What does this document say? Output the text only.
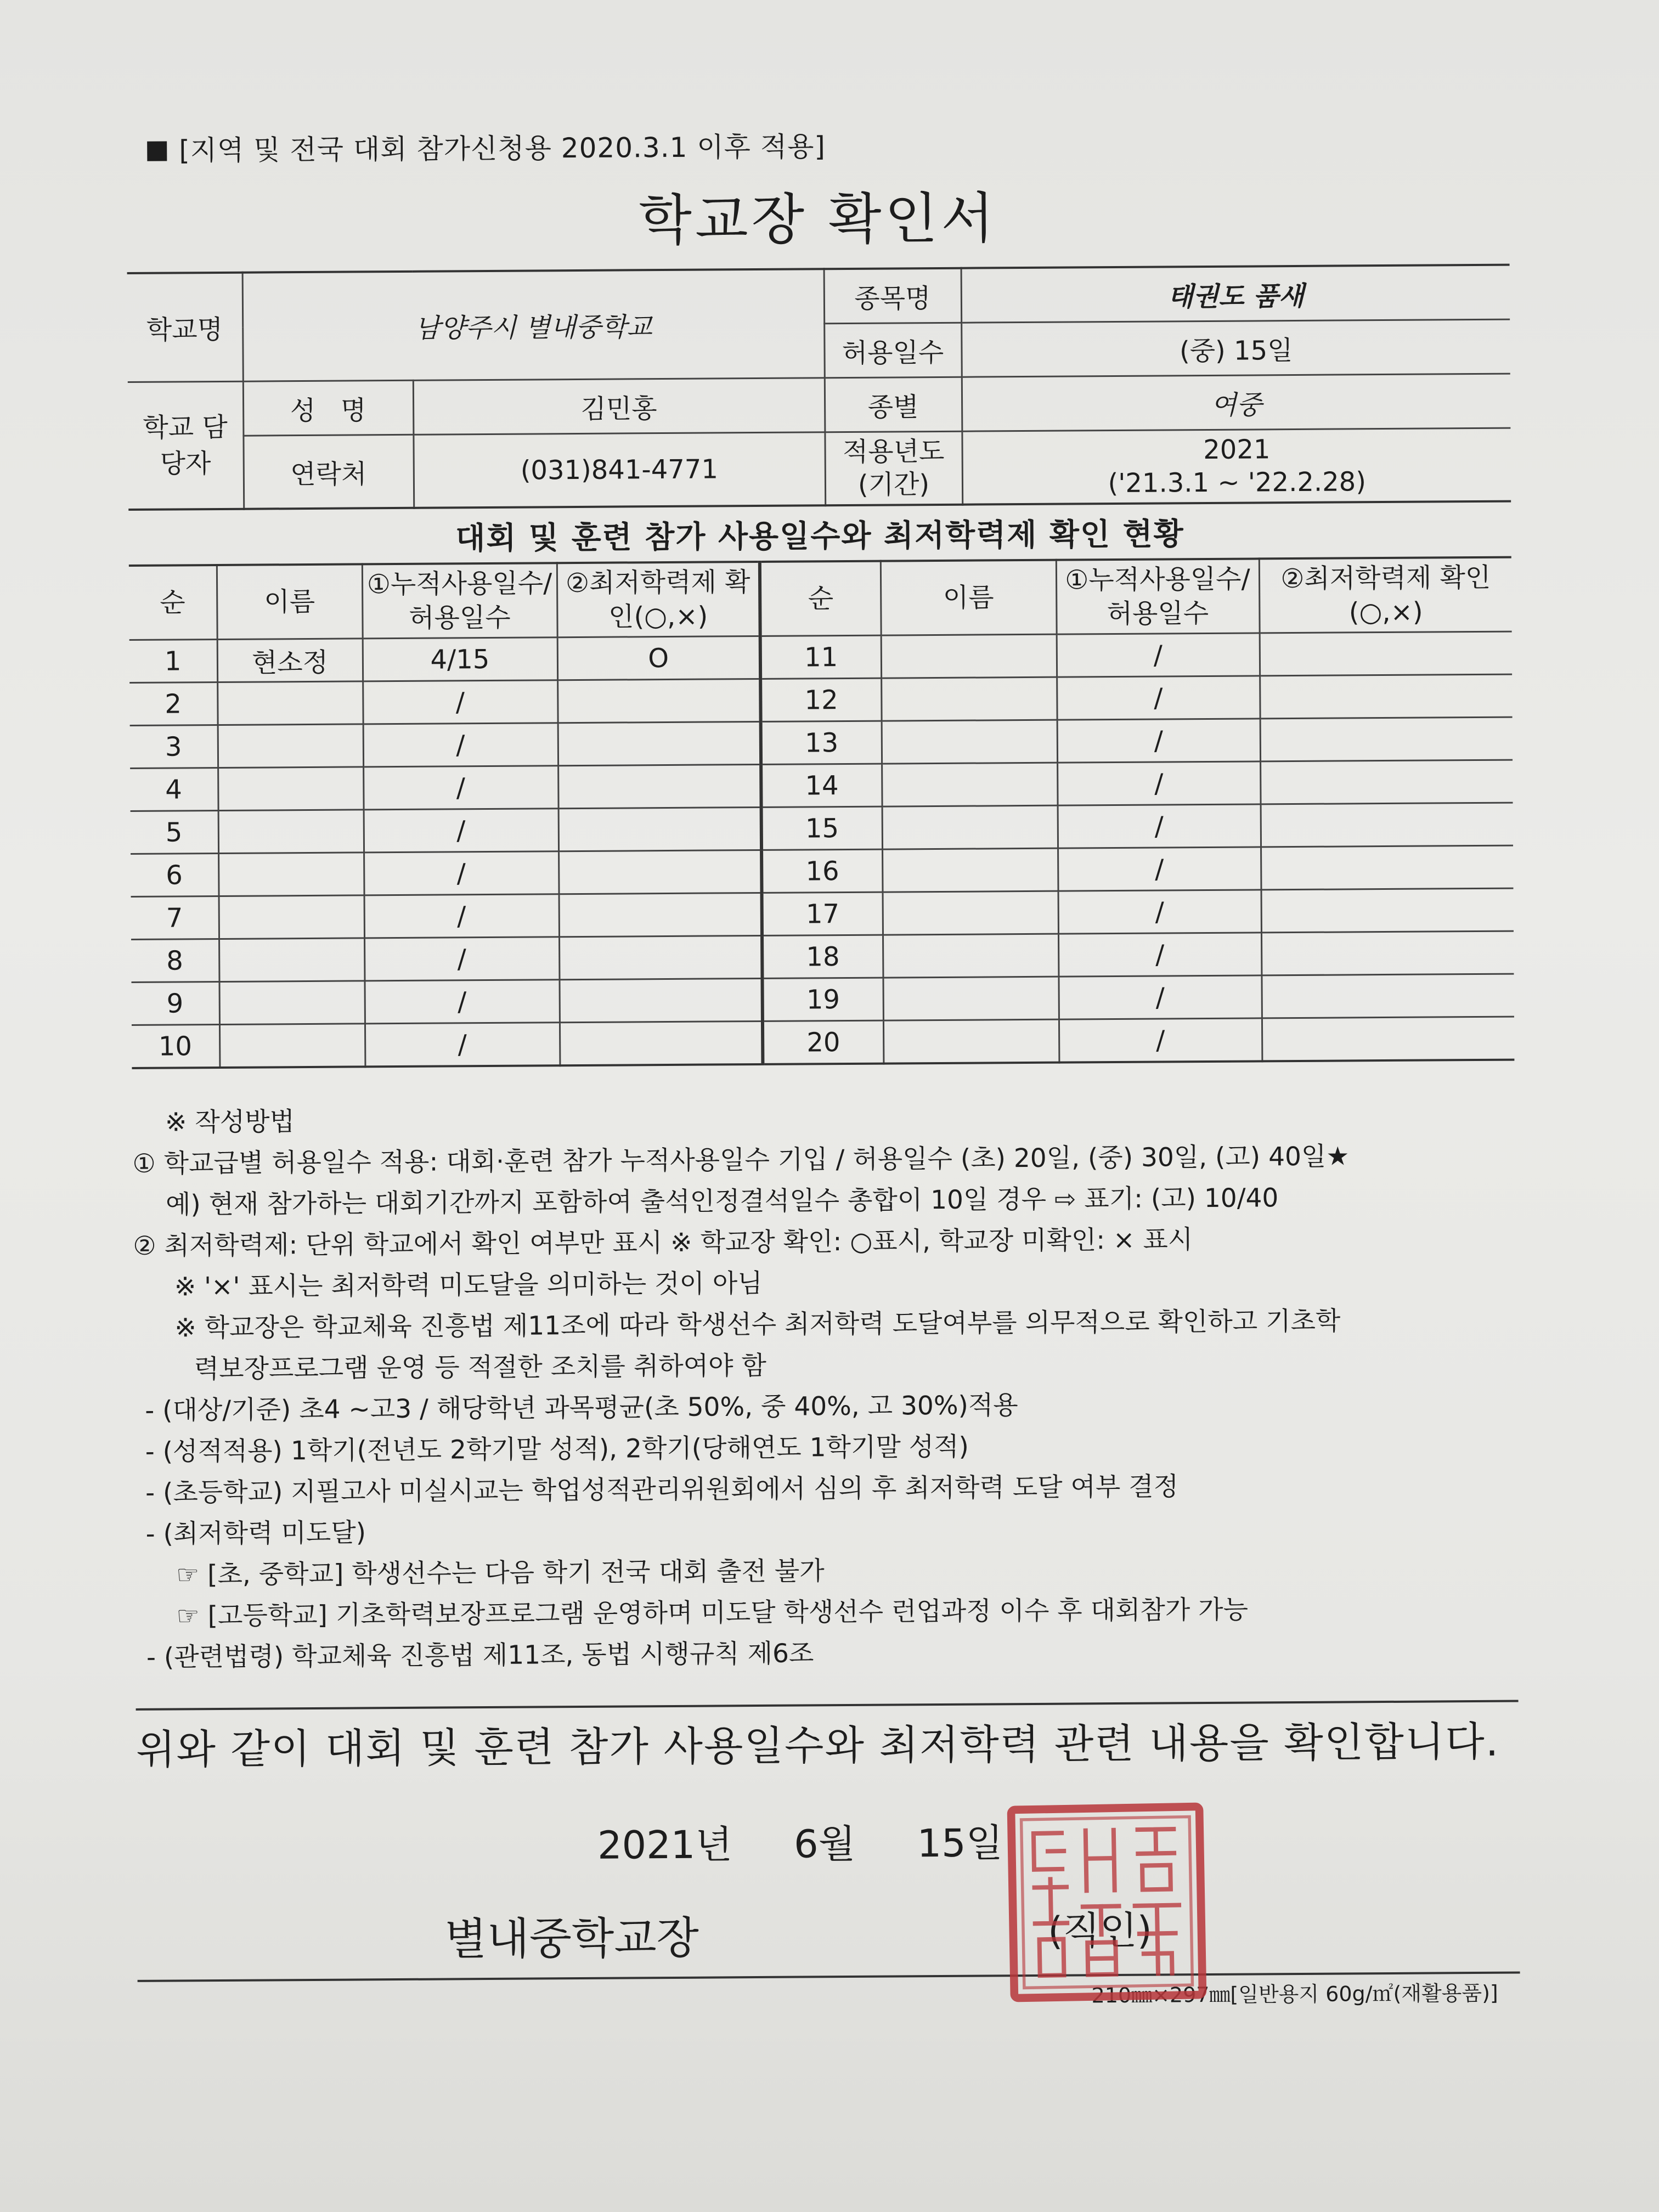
[지역 및 전국 대회 참가신청용 2020.3.1 이후 적용]
학교장 확인서
학교명	남양주시 별내중학교		종목명	태권도 품새
			허용일수	(중) 15일
학교 담당자	성   명	김민홍	종별	여중
	연락처	(031)841-4771	적용년도 (기간)	2021
('21.3.1 ~ '22.2.28)
대회 및 훈련 참가 사용일수와 최저학력제 확인 현황
순	이름	①누적사용일수/ 허용일수	②최저학력제 확인(○,×)	순	이름	①누적사용일수/ 허용일수	②최저학력제 확인(○,×)
1	현소정	4/15	O	11		/	
2		/		12		/	
3		/		13		/	
4		/		14		/	
5		/		15		/	
6		/		16		/	
7		/		17		/	
8		/		18		/	
9		/		19		/	
10		/		20		/	
※ 작성방법
① 학교급별 허용일수 적용: 대회·훈련 참가 누적사용일수 기입 / 허용일수 (초) 20일, (중) 30일, (고) 40일★
예) 현재 참가하는 대회기간까지 포함하여 출석인정결석일수 총합이 10일 경우 ⇨ 표기: (고) 10/40
② 최저학력제: 단위 학교에서 확인 여부만 표시 ※ 학교장 확인: ○표시, 학교장 미확인: × 표시
※ '×' 표시는 최저학력 미도달을 의미하는 것이 아님
※ 학교장은 학교체육 진흥법 제11조에 따라 학생선수 최저학력 도달여부를 의무적으로 확인하고 기초학
력보장프로그램 운영 등 적절한 조치를 취하여야 함
- (대상/기준) 초4 ~고3 / 해당학년 과목평균(초 50%, 중 40%, 고 30%)적용
- (성적적용) 1학기(전년도 2학기말 성적), 2학기(당해연도 1학기말 성적)
- (초등학교) 지필고사 미실시교는 학업성적관리위원회에서 심의 후 최저학력 도달 여부 결정
- (최저학력 미도달)
☞ [초, 중학교] 학생선수는 다음 학기 전국 대회 출전 불가
☞ [고등학교] 기초학력보장프로그램 운영하며 미도달 학생선수 런업과정 이수 후 대회참가 가능
- (관련법령) 학교체육 진흥법 제11조, 동법 시행규칙 제6조
위와 같이 대회 및 훈련 참가 사용일수와 최저학력 관련 내용을 확인합니다.
2021년 6월 15일
별내중학교장	(직인)
210㎜×297㎜[일반용지 60g/㎡(재활용품)]
